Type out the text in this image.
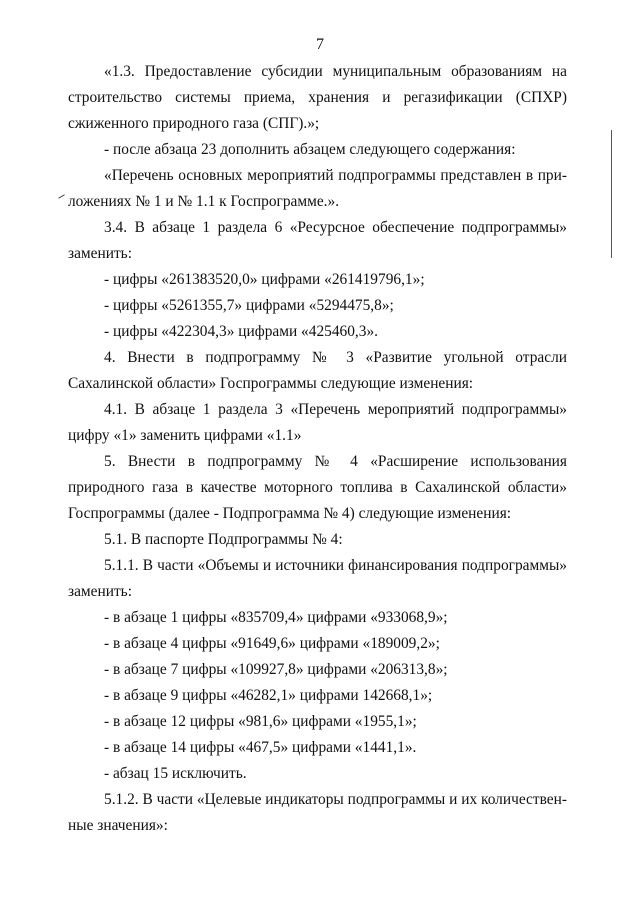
7
«1.3. Предоставление субсидии муниципальным образованиям на
строительство системы приема, хранения и регазификации (СПХР)
сжиженного природного газа (СПГ).»;
- после абзаца 23 дополнить абзацем следующего содержания:
«Перечень основных мероприятий подпрограммы представлен в при-
ложениях № 1 и № 1.1 к Госпрограмме.».
3.4. В абзаце 1 раздела 6 «Ресурсное обеспечение подпрограммы»
заменить:
- цифры «261383520,0» цифрами «261419796,1»;
- цифры «5261355,7» цифрами «5294475,8»;
- цифры «422304,3» цифрами «425460,3».
4. Внести в подпрограмму № 3 «Развитие угольной отрасли
Сахалинской области» Госпрограммы следующие изменения:
4.1. В абзаце 1 раздела 3 «Перечень мероприятий подпрограммы»
цифру «1» заменить цифрами «1.1»
5. Внести в подпрограмму № 4 «Расширение использования
природного газа в качестве моторного топлива в Сахалинской области»
Госпрограммы (далее - Подпрограмма № 4) следующие изменения:
5.1. В паспорте Подпрограммы № 4:
5.1.1. В части «Объемы и источники финансирования подпрограммы»
заменить:
- в абзаце 1 цифры «835709,4» цифрами «933068,9»;
- в абзаце 4 цифры «91649,6» цифрами «189009,2»;
- в абзаце 7 цифры «109927,8» цифрами «206313,8»;
- в абзаце 9 цифры «46282,1» цифрами 142668,1»;
- в абзаце 12 цифры «981,6» цифрами «1955,1»;
- в абзаце 14 цифры «467,5» цифрами «1441,1».
- абзац 15 исключить.
5.1.2. В части «Целевые индикаторы подпрограммы и их количествен-
ные значения»:
